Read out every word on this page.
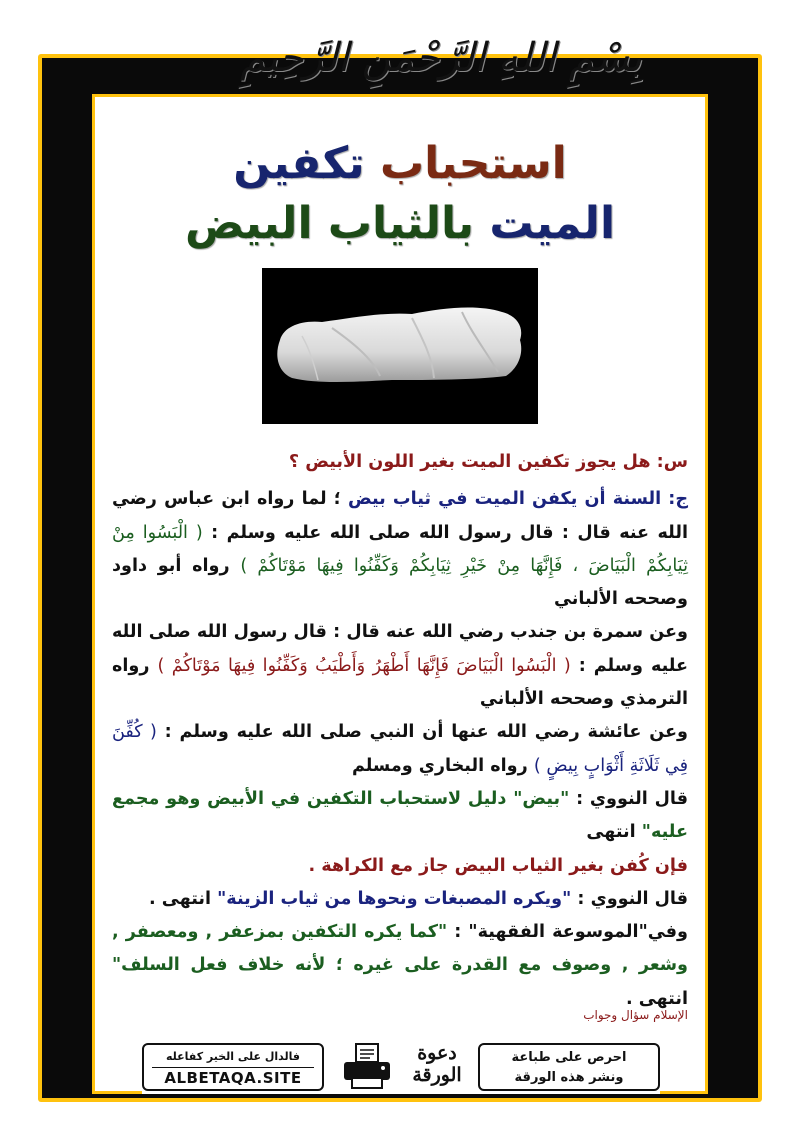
بِسْمِ اللهِ الرَّحْمَنِ الرَّحِيمِ
استحباب تكفين
الميت بالثياب البيض

س: هل يجوز تكفين الميت بغير اللون الأبيض ؟

ج: السنة أن يكفن الميت في ثياب بيض ؛ لما رواه ابن عباس رضي الله عنه قال : قال رسول الله صلى الله عليه وسلم : ( الْبَسُوا مِنْ ثِيَابِكُمْ الْبَيَاضَ ، فَإِنَّهَا مِنْ خَيْرِ ثِيَابِكُمْ وَكَفِّنُوا فِيهَا مَوْتَاكُمْ ) رواه أبو داود وصححه الألباني

وعن سمرة بن جندب رضي الله عنه قال : قال رسول الله صلى الله عليه وسلم : ( الْبَسُوا الْبَيَاضَ فَإِنَّهَا أَطْهَرُ وَأَطْيَبُ وَكَفِّنُوا فِيهَا مَوْتَاكُمْ ) رواه الترمذي وصححه الألباني

وعن عائشة رضي الله عنها أن النبي صلى الله عليه وسلم : ( كُفِّنَ فِي ثَلَاثَةِ أَثْوَابٍ بِيضٍ ) رواه البخاري ومسلم

قال النووي : "بيض" دليل لاستحباب التكفين في الأبيض وهو مجمع عليه" انتهى

فإن كُفن بغير الثياب البيض جاز مع الكراهة .

قال النووي : "ويكره المصبغات ونحوها من ثياب الزينة" انتهى .

وفي"الموسوعة الفقهية" : "كما يكره التكفين بمزعفر , ومعصفر , وشعر , وصوف مع القدرة على غيره ؛ لأنه خلاف فعل السلف" انتهى .

الإسلام سؤال وجواب
احرص على طباعة
ونشر هذه الورقة
دعوة
الورقة
فالدال على الخير كفاعله
ALBETAQA.SITE
